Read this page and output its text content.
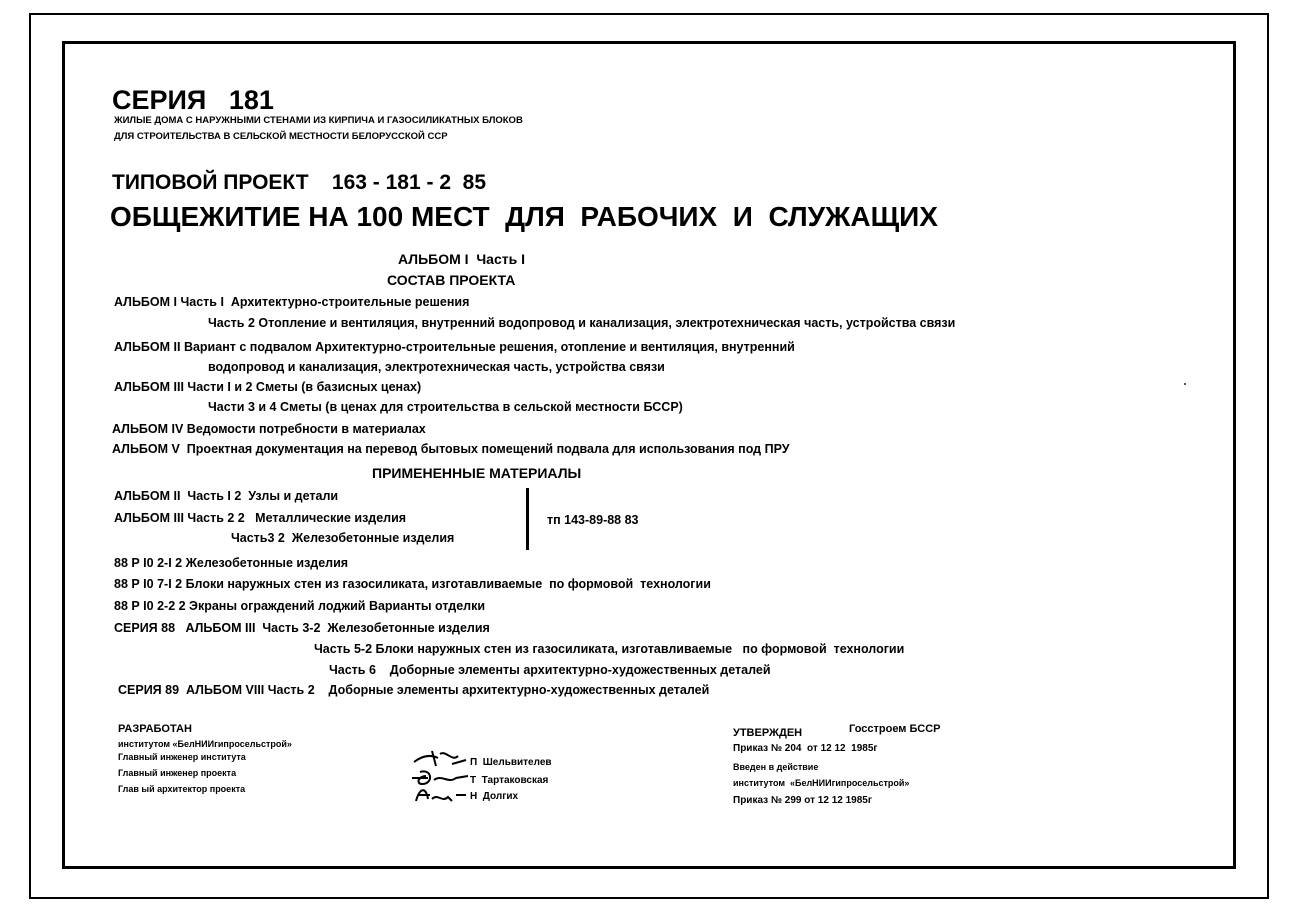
СЕРИЯ   181
ЖИЛЫЕ ДОМА С НАРУЖНЫМИ СТЕНАМИ ИЗ КИРПИЧА И ГАЗОСИЛИКАТНЫХ БЛОКОВ
ДЛЯ СТРОИТЕЛЬСТВА В СЕЛЬСКОЙ МЕСТНОСТИ БЕЛОРУССКОЙ ССР
ТИПОВОЙ ПРОЕКТ    163 - 181 - 2  85
ОБЩЕЖИТИЕ НА 100 МЕСТ  ДЛЯ  РАБОЧИХ  И  СЛУЖАЩИХ
АЛЬБОМ I  Часть I
СОСТАВ ПРОЕКТА
АЛЬБОМ I Часть I  Архитектурно-строительные решения
Часть 2 Отопление и вентиляция, внутренний водопровод и канализация, электротехническая часть, устройства связи
АЛЬБОМ II Вариант с подвалом Архитектурно-строительные решения, отопление и вентиляция, внутренний
водопровод и канализация, электротехническая часть, устройства связи
АЛЬБОМ III Части I и 2 Сметы (в базисных ценах)
Части 3 и 4 Сметы (в ценах для строительства в сельской местности БССР)
АЛЬБОМ IV Ведомости потребности в материалах
АЛЬБОМ V  Проектная документация на перевод бытовых помещений подвала для использования под ПРУ
ПРИМЕНЕННЫЕ МАТЕРИАЛЫ
АЛЬБОМ II  Часть I 2  Узлы и детали
АЛЬБОМ III Часть 2 2   Металлические изделия
Часть3 2  Железобетонные изделия
тп 143-89-88 83
88 Р I0 2-I 2 Железобетонные изделия
88 Р I0 7-I 2 Блоки наружных стен из газосиликата, изготавливаемые  по формовой  технологии
88 Р I0 2-2 2 Экраны ограждений лоджий Варианты отделки
СЕРИЯ 88   АЛЬБОМ III  Часть 3-2  Железобетонные изделия
Часть 5-2 Блоки наружных стен из газосиликата, изготавливаемые   по формовой  технологии
Часть 6    Доборные элементы архитектурно-художественных деталей
СЕРИЯ 89  АЛЬБОМ VIII Часть 2    Доборные элементы архитектурно-художественных деталей
РАЗРАБОТАН
институтом «БелНИИгипросельстрой»
Главный инженер института
Главный инженер проекта
Глав ый архитектор проекта
П  Шельвителев
Т  Тартаковская
Н  Долгих
УТВЕРЖДЕН	Госстроем БССР
Приказ № 204  от 12 12  1985г
Введен в действие
институтом  «БелНИИгипросельстрой»
Приказ № 299 от 12 12 1985г
